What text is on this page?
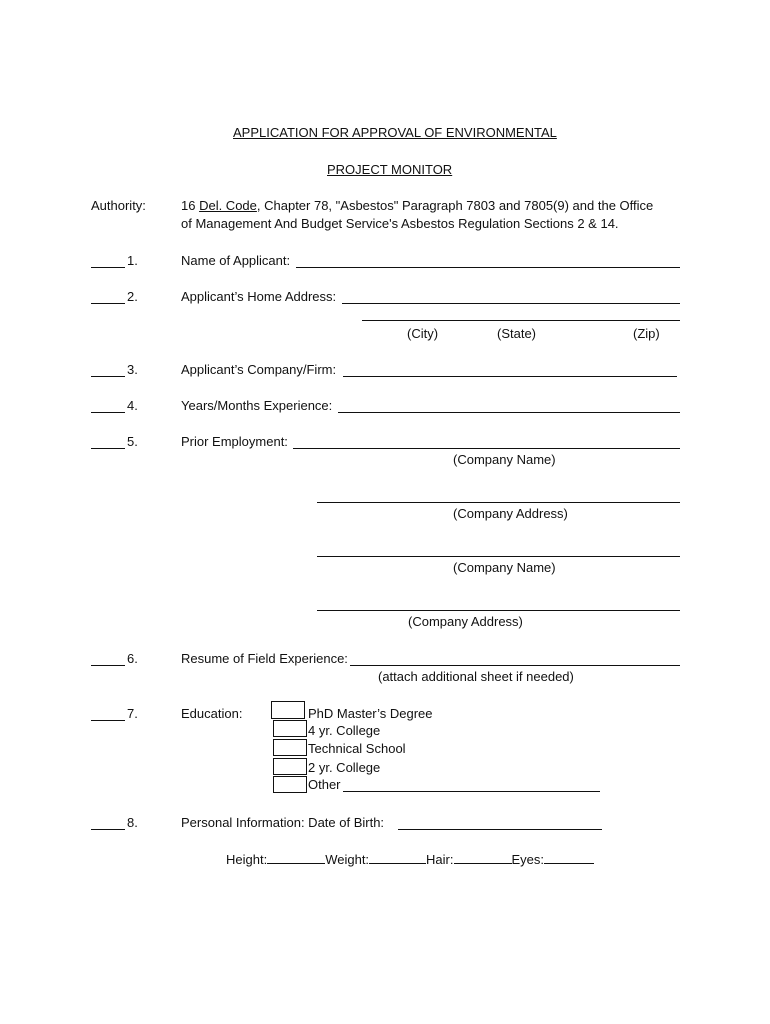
APPLICATION FOR APPROVAL OF ENVIRONMENTAL
PROJECT MONITOR
Authority:	16 Del. Code, Chapter 78, "Asbestos" Paragraph 7803 and 7805(9) and the Office
of Management And Budget Service's Asbestos Regulation Sections 2 & 14.
1.	Name of Applicant:
2.	Applicant’s Home Address:
(City)	(State)	(Zip)
3.	Applicant’s Company/Firm:
4.	Years/Months Experience:
5.	Prior Employment:
(Company Name)
(Company Address)
(Company Name)
(Company Address)
6.	Resume of Field Experience:
(attach additional sheet if needed)
7.	Education:	PhD Master’s Degree
4 yr. College
Technical School
2 yr. College
Other
8.	Personal Information: Date of Birth:
Height:	Weight:	Hair:	Eyes:
